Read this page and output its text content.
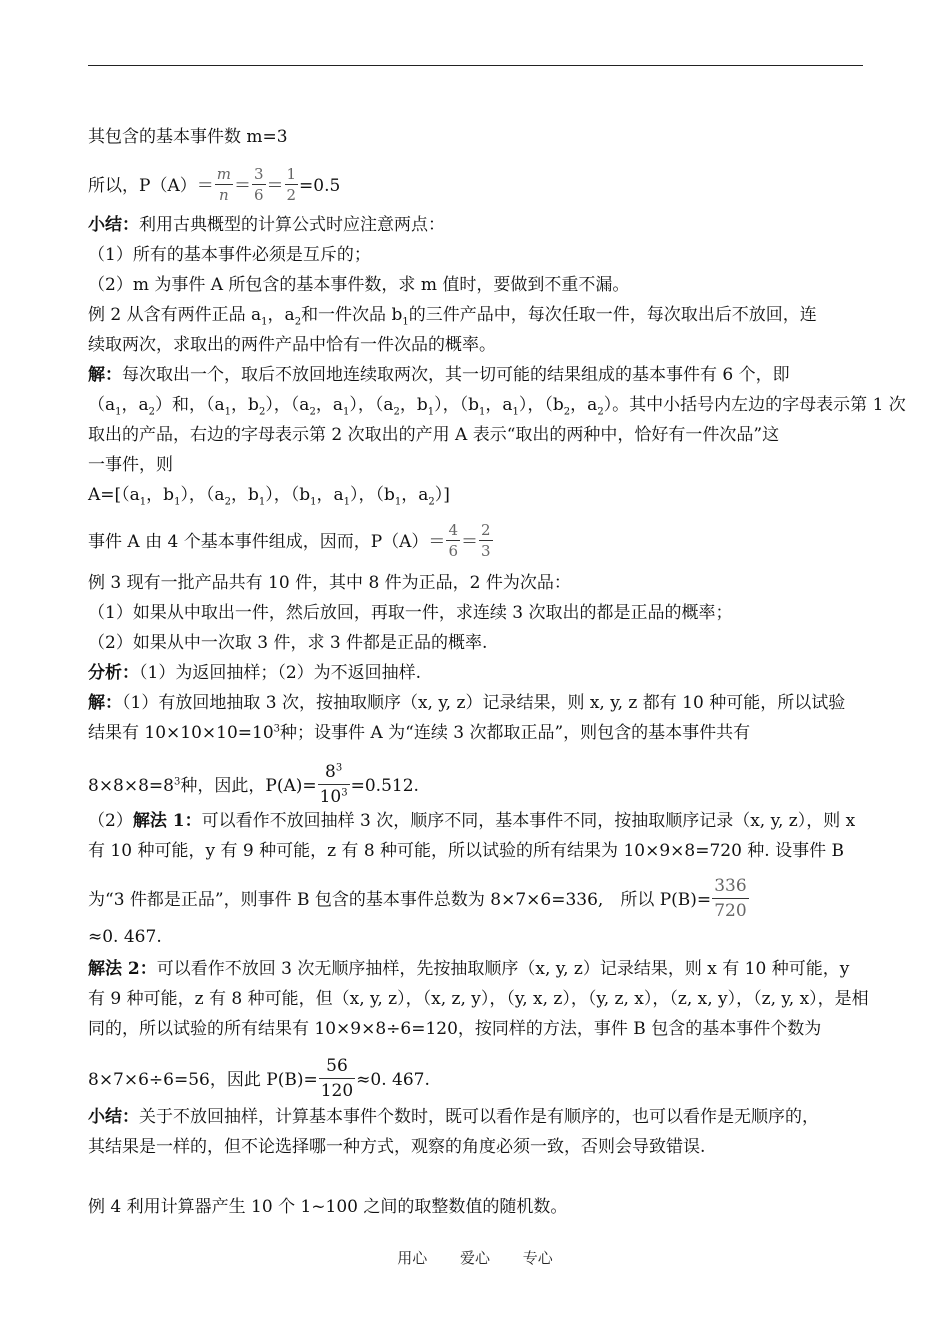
其包含的基本事件数 m=3
所以，$P(A)= \frac{m}{n} = \frac{3}{6} = \frac{1}{2} =0.5$
小结：利用古典概型的计算公式时应注意两点：
（1）所有的基本事件必须是互斥的；
（2）m 为事件 A 所包含的基本事件数，求 m 值时，要做到不重不漏。
例 2 从含有两件正品 $a_1$，$a_2$和一件次品 $b_1$的三件产品中，每次任取一件，每次取出后不放回，连
续取两次，求取出的两件产品中恰有一件次品的概率。
解：每次取出一个，取后不放回地连续取两次，其一切可能的结果组成的基本事件有 6 个，即
（$a_1$，$a_2$）和，（$a_1$，$b_2$），（$a_2$，$a_1$），（$a_2$，$b_1$），（$b_1$，$a_1$），（$b_2$，$a_2$）。其中小括号内左边的字母表示第 1 次
取出的产品，右边的字母表示第 2 次取出的产用 A 表示“取出的两种中，恰好有一件次品”这
一事件，则
$A=[(a_1$，$b_1$），（$a_2$，$b_1$），（$b_1$，$a_1$），（$b_1$，$a_2$）]
事件 A 由 4 个基本事件组成，因而，$P(A)= \frac{4}{6} = \frac{2}{3}$
例 3 现有一批产品共有 10 件，其中 8 件为正品，2 件为次品：
（1）如果从中取出一件，然后放回，再取一件，求连续 3 次取出的都是正品的概率；
（2）如果从中一次取 3 件，求 3 件都是正品的概率.
分析：（1）为返回抽样；（2）为不返回抽样.
解：（1）有放回地抽取 3 次，按抽取顺序（x, y, z）记录结果，则 x, y, z 都有 10 种可能，所以试验
结果有 $10\times 10\times 10=10^3$种；设事件 A 为“连续 3 次都取正品”，则包含的基本事件共有
$8\times 8\times 8=8^3$种，因此，$P(A)= \frac{8^3}{10^3} =0.512$.
（2）解法 1：可以看作不放回抽样 3 次，顺序不同，基本事件不同，按抽取顺序记录（x, y, z），则 x
有 10 种可能，y 有 9 种可能，z 有 8 种可能，所以试验的所有结果为 10×9×8=720 种. 设事件 B
为“3 件都是正品”，则事件 B 包含的基本事件总数为 8×7×6=336,　所以 $P(B)= \frac{336}{720}$
≈0. 467.
解法 2：可以看作不放回 3 次无顺序抽样，先按抽取顺序（x, y, z）记录结果，则 x 有 10 种可能，y
有 9 种可能，z 有 8 种可能，但（x, y, z），（x, z, y），（y, x, z），（y, z, x），（z, x, y），（z, y, x），是相
同的，所以试验的所有结果有 10×9×8÷6=120，按同样的方法，事件 B 包含的基本事件个数为
8×7×6÷6=56，因此 $P(B)= \frac{56}{120} \approx 0$. 467.
小结：关于不放回抽样，计算基本事件个数时，既可以看作是有顺序的，也可以看作是无顺序的，
其结果是一样的，但不论选择哪一种方式，观察的角度必须一致，否则会导致错误.
例 4 利用计算器产生 10 个 1~100 之间的取整数值的随机数。
用心 爱心 专心
